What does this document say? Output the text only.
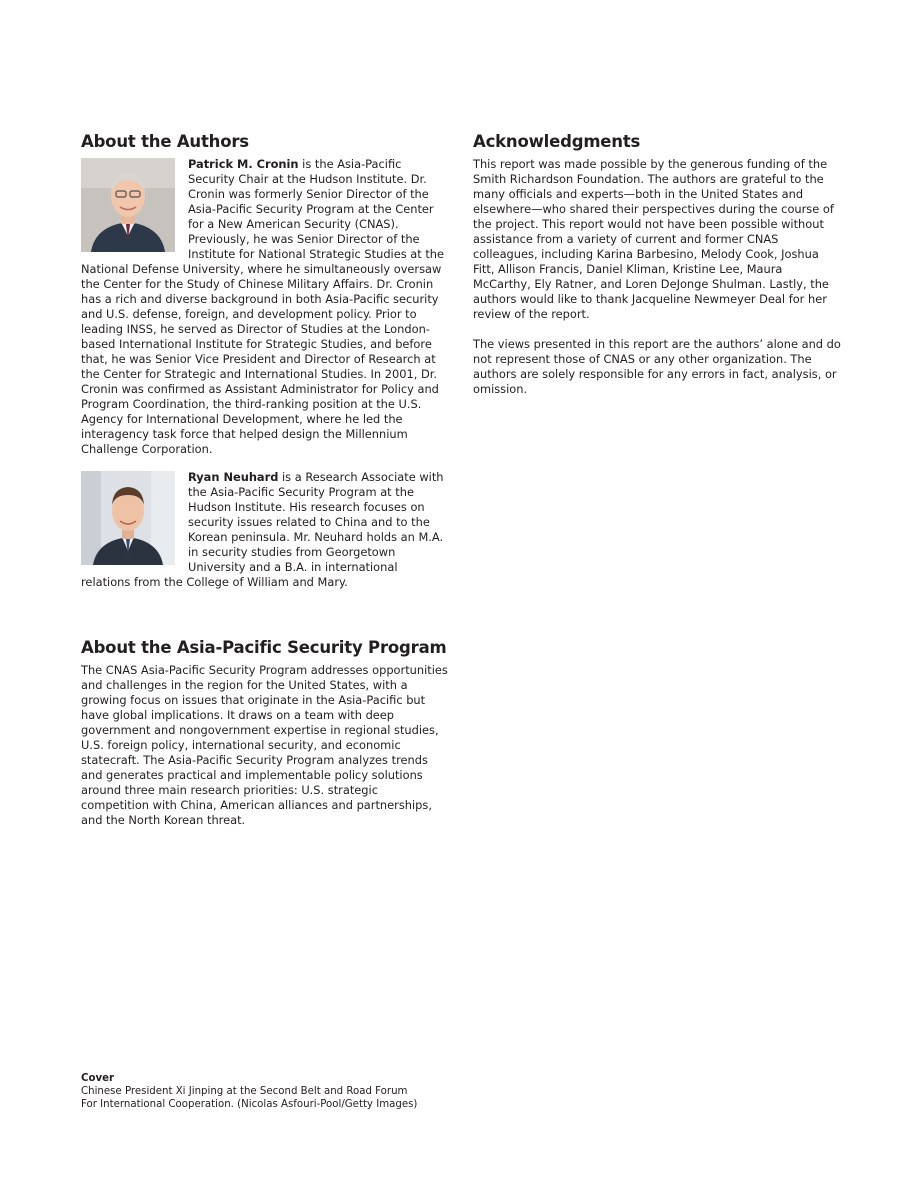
About the Authors
Patrick M. Cronin is the Asia-Pacific Security Chair at the Hudson Institute. Dr. Cronin was formerly Senior Director of the Asia-Pacific Security Program at the Center for a New American Security (CNAS). Previously, he was Senior Director of the Institute for National Strategic Studies at the National Defense University, where he simultaneously oversaw the Center for the Study of Chinese Military Affairs. Dr. Cronin has a rich and diverse background in both Asia-Pacific security and U.S. defense, foreign, and development policy. Prior to leading INSS, he served as Director of Studies at the London-based International Institute for Strategic Studies, and before that, he was Senior Vice President and Director of Research at the Center for Strategic and International Studies. In 2001, Dr. Cronin was confirmed as Assistant Administrator for Policy and Program Coordination, the third-ranking position at the U.S. Agency for International Development, where he led the interagency task force that helped design the Millennium Challenge Corporation.
Ryan Neuhard is a Research Associate with the Asia-Pacific Security Program at the Hudson Institute. His research focuses on security issues related to China and to the Korean peninsula. Mr. Neuhard holds an M.A. in security studies from Georgetown University and a B.A. in international relations from the College of William and Mary.
About the Asia-Pacific Security Program

The CNAS Asia-Pacific Security Program addresses opportunities and challenges in the region for the United States, with a growing focus on issues that originate in the Asia-Pacific but have global implications. It draws on a team with deep government and nongovernment expertise in regional studies, U.S. foreign policy, international security, and economic statecraft. The Asia-Pacific Security Program analyzes trends and generates practical and implementable policy solutions around three main research priorities: U.S. strategic competition with China, American alliances and partnerships, and the North Korean threat.

Acknowledgments

This report was made possible by the generous funding of the Smith Richardson Foundation. The authors are grateful to the many officials and experts—both in the United States and elsewhere—who shared their perspectives during the course of the project. This report would not have been possible without assistance from a variety of current and former CNAS colleagues, including Karina Barbesino, Melody Cook, Joshua Fitt, Allison Francis, Daniel Kliman, Kristine Lee, Maura McCarthy, Ely Ratner, and Loren DeJonge Shulman. Lastly, the authors would like to thank Jacqueline Newmeyer Deal for her review of the report.

The views presented in this report are the authors’ alone and do not represent those of CNAS or any other organization. The authors are solely responsible for any errors in fact, analysis, or omission.

Cover
Chinese President Xi Jinping at the Second Belt and Road Forum
For International Cooperation. (Nicolas Asfouri-Pool/Getty Images)
